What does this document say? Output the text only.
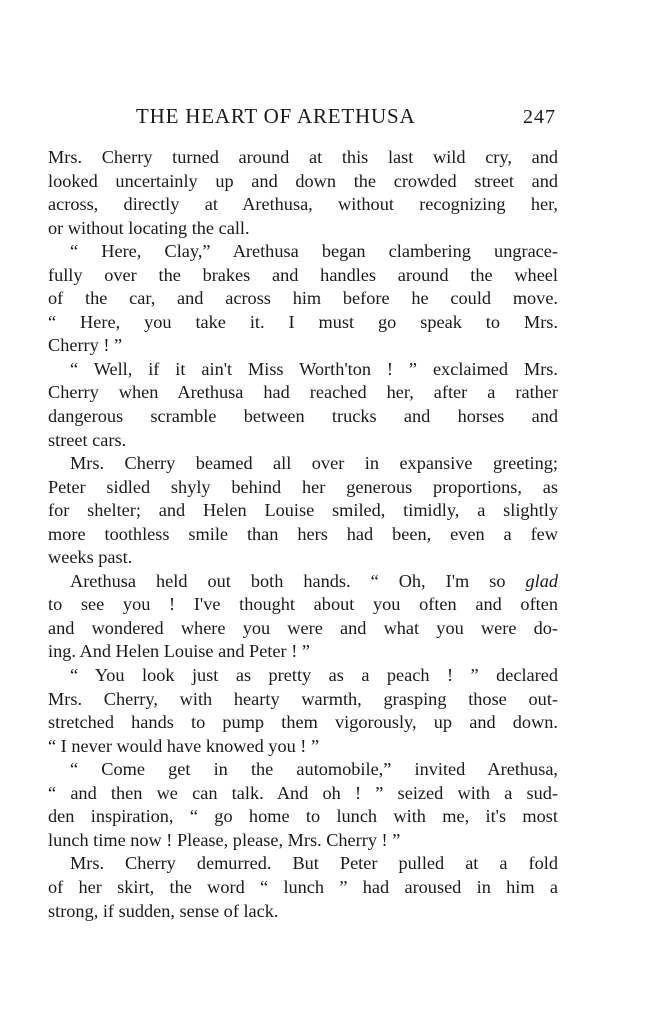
THE HEART OF ARETHUSA	247
Mrs. Cherry turned around at this last wild cry, and
looked uncertainly up and down the crowded street and
across, directly at Arethusa, without recognizing her,
or without locating the call.
“ Here, Clay,” Arethusa began clambering ungrace-
fully over the brakes and handles around the wheel
of the car, and across him before he could move.
“ Here, you take it. I must go speak to Mrs.
Cherry ! ”
“ Well, if it ain't Miss Worth'ton ! ” exclaimed Mrs.
Cherry when Arethusa had reached her, after a rather
dangerous scramble between trucks and horses and
street cars.
Mrs. Cherry beamed all over in expansive greeting;
Peter sidled shyly behind her generous proportions, as
for shelter; and Helen Louise smiled, timidly, a slightly
more toothless smile than hers had been, even a few
weeks past.
Arethusa held out both hands. “ Oh, I'm so glad
to see you ! I've thought about you often and often
and wondered where you were and what you were do-
ing. And Helen Louise and Peter ! ”
“ You look just as pretty as a peach ! ” declared
Mrs. Cherry, with hearty warmth, grasping those out-
stretched hands to pump them vigorously, up and down.
“ I never would have knowed you ! ”
“ Come get in the automobile,” invited Arethusa,
“ and then we can talk. And oh ! ” seized with a sud-
den inspiration, “ go home to lunch with me, it's most
lunch time now ! Please, please, Mrs. Cherry ! ”
Mrs. Cherry demurred. But Peter pulled at a fold
of her skirt, the word “ lunch ” had aroused in him a
strong, if sudden, sense of lack.
